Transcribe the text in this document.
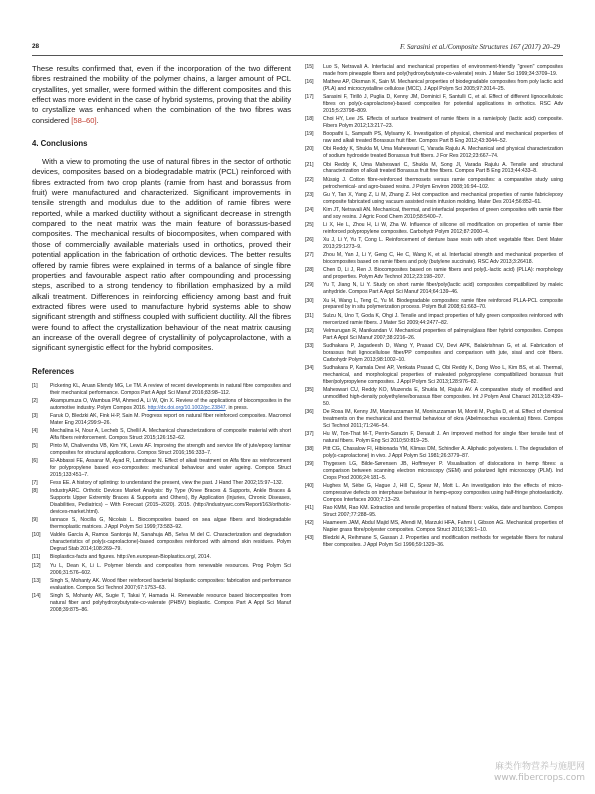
28	F. Sarasini et al./Composite Structures 167 (2017) 20–29

These results confirmed that, even if the incorporation of the two different fibres restrained the mobility of the polymer chains, a larger amount of PCL crystallites, yet smaller, were formed within the different composites and this effect was more evident in the case of hybrid systems, proving that the ability to crystallize was enhanced when the combination of the two fibres was considered [58–60].

4. Conclusions

With a view to promoting the use of natural fibres in the sector of orthotic devices, composites based on a biodegradable matrix (PCL) reinforced with fibres extracted from two crop plants (ramie from hast and borassus from fruit) were manufactured and characterized. Significant improvements in tensile strength and modulus due to the addition of ramie fibres were reported, while a marked ductility without a significant decrease in strength compared to the neat matrix was the main feature of borassus-based composites. The mechanical results of biocomposites, when compared with those of commercially available materials used in orthotics, proved their potential application in the fabrication of orthotic devices. The better results offered by ramie fibres were explained in terms of a balance of single fibre properties and favourable aspect ratio after compounding and processing steps, ascribed to a strong tendency to fibrillation emphasized by a mild alkali treatment. Differences in reinforcing efficiency among bast and fruit extracted fibres were used to manufacture hybrid systems able to show significant strength and stiffness coupled with sufficient ductility. All the fibres were found to affect the crystallization behaviour of the neat matrix causing an increase of the overall degree of crystallinity of polycaprolactone, with a significant synergistic effect for the hybrid composites.

References
[1]	Pickering KL, Aruan Efendy MG, Le TM. A review of recent developments in natural fibre composites and their mechanical performance. Compos Part A Appl Sci Manuf 2016;83:98–112.
[2]	Akampumuza O, Wambua PM, Ahmed A, Li W, Qin X. Review of the applications of biocomposites in the automotive industry. Polym Compos 2016. http://dx.doi.org/10.1002/pc.23847. in press.
[3]	Faruk O, Bledzki AK, Fink H-P, Sain M. Progress report on natural fiber reinforced composites. Macromol Mater Eng 2014;299:9–26.
[4]	Mechalina H, Nour A, Lecheb S, Chellil A. Mechanical characterizations of composite material with short Alfa fibers reinforcement. Compos Struct 2015;126:152–62.
[5]	Pinto M, Chalivendra VB, Kim YK, Lewis AF. Improving the strength and service life of jute/epoxy laminar composites for structural applications. Compos Struct 2016;156:333–7.
[6]	El-Abbassi FE, Assarar M, Ayad R, Lamdouar N. Effect of alkali treatment on Alfa fibre as reinforcement for polypropylene based eco-composites: mechanical behaviour and water ageing. Compos Struct 2015;133:451–7.
[7]	Fess EE. A history of splinting: to understand the present, view the past. J Hand Ther 2002;15:97–132.
[8]	IndustryARC. Orthotic Devices Market Analysis: By Type (Knee Braces & Supports, Ankle Braces & Supports Upper Extremity Braces & Supports and Others), By Application (Injuries, Chronic Diseases, Disabilities, Pediatrics) – With Forecast (2015–2020). 2015. (http://industryarc.com/Report/163/orthotic-devices-market.html).
[9]	Iannace S, Nocilla G, Nicolais L. Biocomposites based on sea algae fibers and biodegradable thermoplastic matrices. J Appl Polym Sci 1999;73:583–92.
[10]	Valdés García A, Ramos Santonja M, Sanahuja AB, Selva M del C. Characterization and degradation characteristics of poly(ε-caprolactone)-based composites reinforced with almond skin residues. Polym Degrad Stab 2014;108:269–79.
[11]	Bioplastics-facts and figures. http://en.european-Bioplastics.org/, 2014.
[12]	Yu L, Dean K, Li L. Polymer blends and composites from renewable resources. Prog Polym Sci 2006;31:576–602.
[13]	Singh S, Mohanty AK. Wood fiber reinforced bacterial bioplastic composites: fabrication and performance evaluation. Compos Sci Technol 2007;67:1753–63.
[14]	Singh S, Mohanty AK, Sugie T, Takai Y, Hamada H. Renewable resource based biocomposites from natural fiber and polyhydroxybutyrate-co-valerate (PHBV) bioplastic. Compos Part A Appl Sci Manuf 2008;39:875–86.
[15]	Luo S, Netravali A. Interfacial and mechanical properties of environment-friendly "green" composites made from pineapple fibers and poly(hydroxybutyrate-co-valerate) resin. J Mater Sci 1999;34:3709–19.
[16]	Mathew AP, Oksman K, Sain M. Mechanical properties of biodegradable composites from poly lactic acid (PLA) and microcrystalline cellulose (MCC). J Appl Polym Sci 2005;97:2014–25.
[17]	Sarasini F, Tirillò J, Puglia D, Kenny JM, Dominici F, Santulli C, et al. Effect of different lignocellulosic fibres on poly(ε-caprolactone)-based composites for potential applications in orthotics. RSC Adv 2015;5:23798–809.
[18]	Choi HY, Lee JS. Effects of surface treatment of ramie fibers in a ramie/poly (lactic acid) composite. Fibers Polym 2012;13:217–23.
[19]	Boopathi L, Sampath PS, Mylsamy K. Investigation of physical, chemical and mechanical properties of raw and alkali treated Borassus fruit fiber. Compos Part B Eng 2012;43:3044–52.
[20]	Obi Reddy K, Shukla M, Uma Maheswari C, Varada Rajulu A. Mechanical and physical characterization of sodium hydroxide treated Borassus fruit fibers. J For Res 2012;23:667–74.
[21]	Obi Reddy K, Uma Maheswari C, Shukla M, Song JI, Varada Rajulu A. Tensile and structural characterization of alkali treated Borassus fruit fine fibers. Compos Part B Eng 2013;44:433–8.
[22]	Müssig J. Cotton fibre-reinforced thermosets versus ramie composites: a comparative study using petrochemical- and agro-based resins. J Polym Environ 2008;16:94–102.
[23]	Gu Y, Tan X, Yang Z, Li M, Zhang Z. Hot compaction and mechanical properties of ramie fabric/epoxy composite fabricated using vacuum assisted resin infusion molding. Mater Des 2014;56:852–61.
[24]	Kim JT, Netravali AN. Mechanical, thermal, and interfacial properties of green composites with ramie fiber and soy resins. J Agric Food Chem 2010;58:5400–7.
[25]	Li X, He L, Zhou H, Li W, Zha W. Influence of silicone oil modification on properties of ramie fiber reinforced polypropylene composites. Carbohydr Polym 2012;87:2000–4.
[26]	Xu J, Li Y, Yu T, Cong L. Reinforcement of denture base resin with short vegetable fiber. Dent Mater 2013;29:1273–9.
[27]	Zhou M, Yan J, Li Y, Geng C, He C, Wang K, et al. Interfacial strength and mechanical properties of biocomposites based on ramie fibers and poly (butylene succinate). RSC Adv 2013;3:26418.
[28]	Chen D, Li J, Ren J. Biocomposites based on ramie fibers and poly(L-lactic acid) (PLLA): morphology and properties. Polym Adv Technol 2012;23:198–207.
[29]	Yu T, Jiang N, Li Y. Study on short ramie fiber/poly(lactic acid) composites compatibilized by maleic anhydride. Compos Part A Appl Sci Manuf 2014;64:139–46.
[30]	Xu H, Wang L, Teng C, Yu M. Biodegradable composites: ramie fibre reinforced PLLA-PCL composite prepared by in situ polymerization process. Polym Bull 2008;61:663–70.
[31]	Sulzu N, Uno T, Goda K, Ohgi J. Tensile and impact properties of fully green composites reinforced with mercerized ramie fibers. J Mater Sci 2009;44:2477–82.
[32]	Velmurugan R, Manikandan V. Mechanical properties of palmyra/glass fiber hybrid composites. Compos Part A Appl Sci Manuf 2007;38:2216–26.
[33]	Sudhakara P, Jagadeesh D, Wang Y, Prasad CV, Devi APK, Balakrishnan G, et al. Fabrication of borassus fruit lignocellulose fiber/PP composites and comparison with jute, sisal and coir fibers. Carbohydr Polym 2013;98:1002–10.
[34]	Sudhakara P, Kamala Devi AP, Venkata Prasad C, Obi Reddy K, Dong Woo L, Kim BS, et al. Thermal, mechanical, and morphological properties of maleated polypropylene compatibilized borassus fruit fiber/polypropylene composites. J Appl Polym Sci 2013;128:976–82.
[35]	Maheswari CU, Reddy KO, Muzenda E, Shukla M, Rajulu AV. A comparative study of modified and unmodified high-density polyethylene/borassus fiber composites. Int J Polym Anal Charact 2013;18:439–50.
[36]	De Rosa IM, Kenny JM, Maniruzzaman M, Moniruzzaman M, Monti M, Puglia D, et al. Effect of chemical treatments on the mechanical and thermal behaviour of okra (Abelmoschus esculentus) fibres. Compos Sci Technol 2011;71:246–54.
[37]	Hu W, Ton-That M-T, Perrin-Sarazin F, Denault J. An improved method for single fiber tensile test of natural fibers. Polym Eng Sci 2010;50:819–25.
[38]	Pitt CG, Chasalow FI, Hibionada YM, Klimas DM, Schindler A. Aliphatic polyesters. I. The degradation of poly(ε-caprolactone) in vivo. J Appl Polym Sci 1981;26:3779–87.
[39]	Thygesen LG, Bilde-Sørensen JB, Hoffmeyer P. Visualisation of dislocations in hemp fibres: a comparison between scanning electron microscopy (SEM) and polarized light microscopy (PLM). Ind Crops Prod 2006;24:181–5.
[40]	Hughes M, Sèbe G, Hague J, Hill C, Spear M, Mott L. An investigation into the effects of micro-compressive defects on interphase behaviour in hemp-epoxy composites using half-fringe photoelasticity. Compos Interfaces 2000;7:13–29.
[41]	Rao KMM, Rao KM. Extraction and tensile properties of natural fibers: vakka, date and bamboo. Compos Struct 2007;77:288–95.
[42]	Haameem JAM, Abdul Majid MS, Afendi M, Marzuki HFA, Fahmi I, Gibson AG. Mechanical properties of Napier grass fibre/polyester composites. Compos Struct 2016;136:1–10.
[43]	Bledzki A, Reihmane S, Gassan J. Properties and modification methods for vegetable fibers for natural fiber composites. J Appl Polym Sci 1996;59:1329–36.
麻类作物营养与施肥网
www.fibercrops.com
